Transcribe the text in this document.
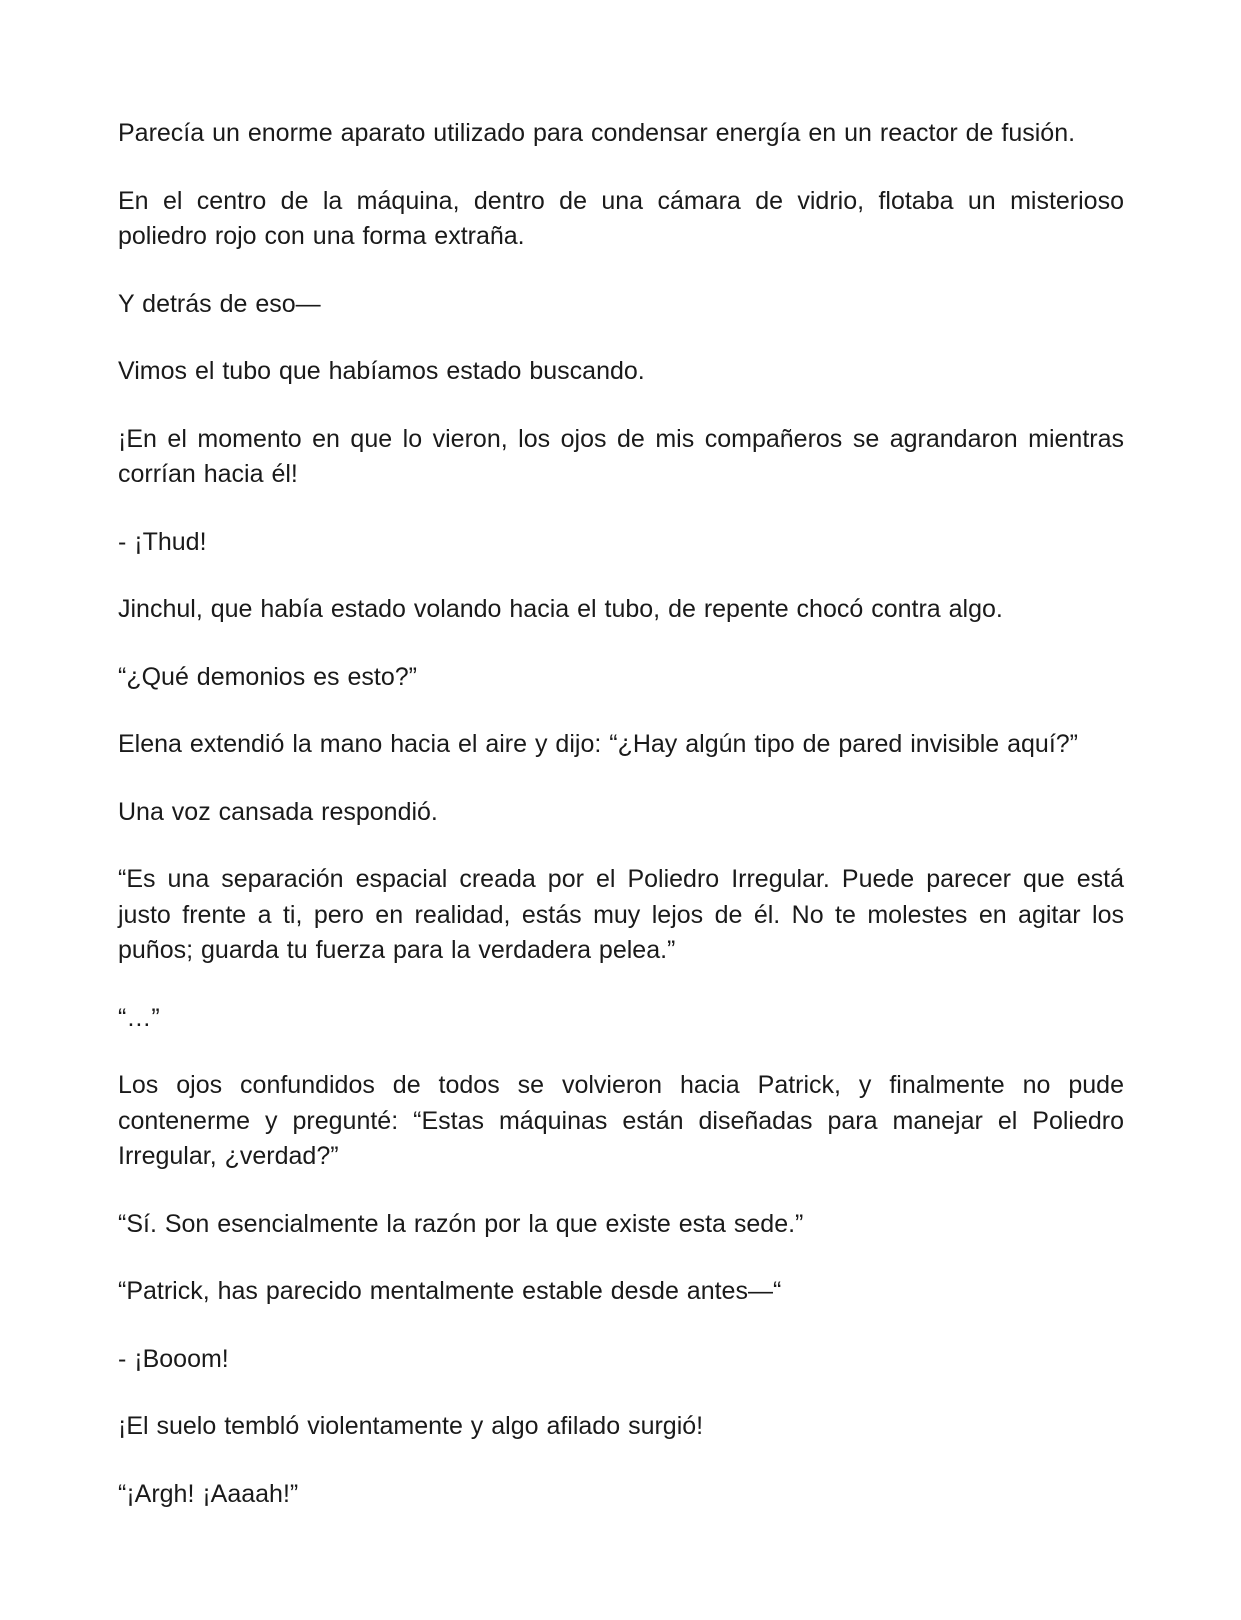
Parecía un enorme aparato utilizado para condensar energía en un reactor de fusión.

En el centro de la máquina, dentro de una cámara de vidrio, flotaba un misterioso poliedro rojo con una forma extraña.

Y detrás de eso—

Vimos el tubo que habíamos estado buscando.

¡En el momento en que lo vieron, los ojos de mis compañeros se agrandaron mientras corrían hacia él!

- ¡Thud!

Jinchul, que había estado volando hacia el tubo, de repente chocó contra algo.

“¿Qué demonios es esto?”

Elena extendió la mano hacia el aire y dijo: “¿Hay algún tipo de pared invisible aquí?”

Una voz cansada respondió.

“Es una separación espacial creada por el Poliedro Irregular. Puede parecer que está justo frente a ti, pero en realidad, estás muy lejos de él. No te molestes en agitar los puños; guarda tu fuerza para la verdadera pelea.”

“…”

Los ojos confundidos de todos se volvieron hacia Patrick, y finalmente no pude contenerme y pregunté: “Estas máquinas están diseñadas para manejar el Poliedro Irregular, ¿verdad?”

“Sí. Son esencialmente la razón por la que existe esta sede.”

“Patrick, has parecido mentalmente estable desde antes—“

- ¡Booom!

¡El suelo tembló violentamente y algo afilado surgió!

“¡Argh! ¡Aaaah!”
